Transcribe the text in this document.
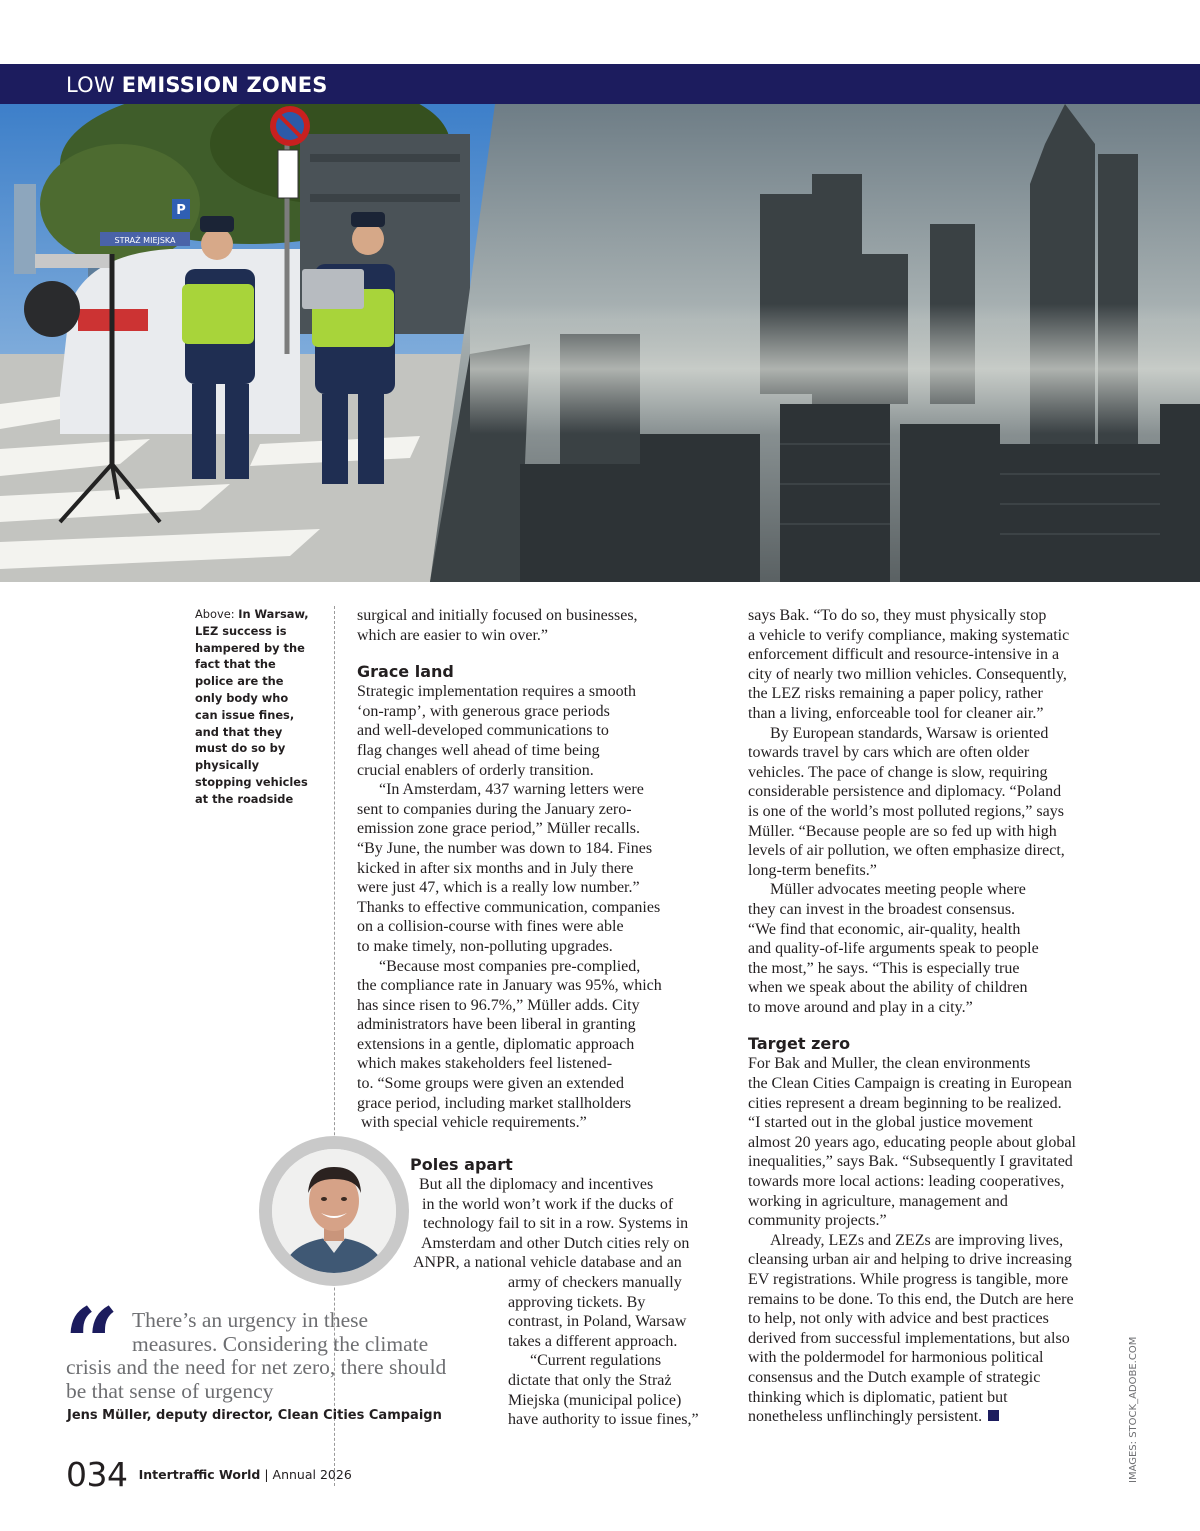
LOW EMISSION ZONES

STRAŻ MIEJSKA
P
Above: In Warsaw, LEZ success is hampered by the fact that the police are the only body who can issue fines, and that they must do so by physically stopping vehicles at the roadside

surgical and initially focused on businesses,

which are easier to win over.”

Grace land

Strategic implementation requires a smooth

‘on-ramp’, with generous grace periods

and well-developed communications to

flag changes well ahead of time being

crucial enablers of orderly transition.

“In Amsterdam, 437 warning letters were

sent to companies during the January zero-

emission zone grace period,” Müller recalls.

“By June, the number was down to 184. Fines

kicked in after six months and in July there

were just 47, which is a really low number.”

Thanks to effective communication, companies

on a collision-course with fines were able

to make timely, non-polluting upgrades.

“Because most companies pre-complied,

the compliance rate in January was 95%, which

has since risen to 96.7%,” Müller adds. City

administrators have been liberal in granting

extensions in a gentle, diplomatic approach

which makes stakeholders feel listened-

to. “Some groups were given an extended

grace period, including market stallholders

with special vehicle requirements.”

Poles apart

But all the diplomacy and incentives

in the world won’t work if the ducks of

technology fail to sit in a row. Systems in

Amsterdam and other Dutch cities rely on

ANPR, a national vehicle database and an

army of checkers manually

approving tickets. By

contrast, in Poland, Warsaw

takes a different approach.

“Current regulations

dictate that only the Straż

Miejska (municipal police)

have authority to issue fines,”

“ There’s an urgency in these

measures. Considering the climate

crisis and the need for net zero, there should

be that sense of urgency

Jens Müller, deputy director, Clean Cities Campaign

says Bak. “To do so, they must physically stop

a vehicle to verify compliance, making systematic

enforcement difficult and resource-intensive in a

city of nearly two million vehicles. Consequently,

the LEZ risks remaining a paper policy, rather

than a living, enforceable tool for cleaner air.”

By European standards, Warsaw is oriented

towards travel by cars which are often older

vehicles. The pace of change is slow, requiring

considerable persistence and diplomacy. “Poland

is one of the world’s most polluted regions,” says

Müller. “Because people are so fed up with high

levels of air pollution, we often emphasize direct,

long-term benefits.”

Müller advocates meeting people where

they can invest in the broadest consensus.

“We find that economic, air-quality, health

and quality-of-life arguments speak to people

the most,” he says. “This is especially true

when we speak about the ability of children

to move around and play in a city.”

Target zero

For Bak and Muller, the clean environments

the Clean Cities Campaign is creating in European

cities represent a dream beginning to be realized.

“I started out in the global justice movement

almost 20 years ago, educating people about global

inequalities,” says Bak. “Subsequently I gravitated

towards more local actions: leading cooperatives,

working in agriculture, management and

community projects.”

Already, LEZs and ZEZs are improving lives,

cleansing urban air and helping to drive increasing

EV registrations. While progress is tangible, more

remains to be done. To this end, the Dutch are here

to help, not only with advice and best practices

derived from successful implementations, but also

with the poldermodel for harmonious political

consensus and the Dutch example of strategic

thinking which is diplomatic, patient but

nonetheless unflinchingly persistent.	IMAGES: STOCK_ADOBE.COM

034 Intertraffic World | Annual 2026
